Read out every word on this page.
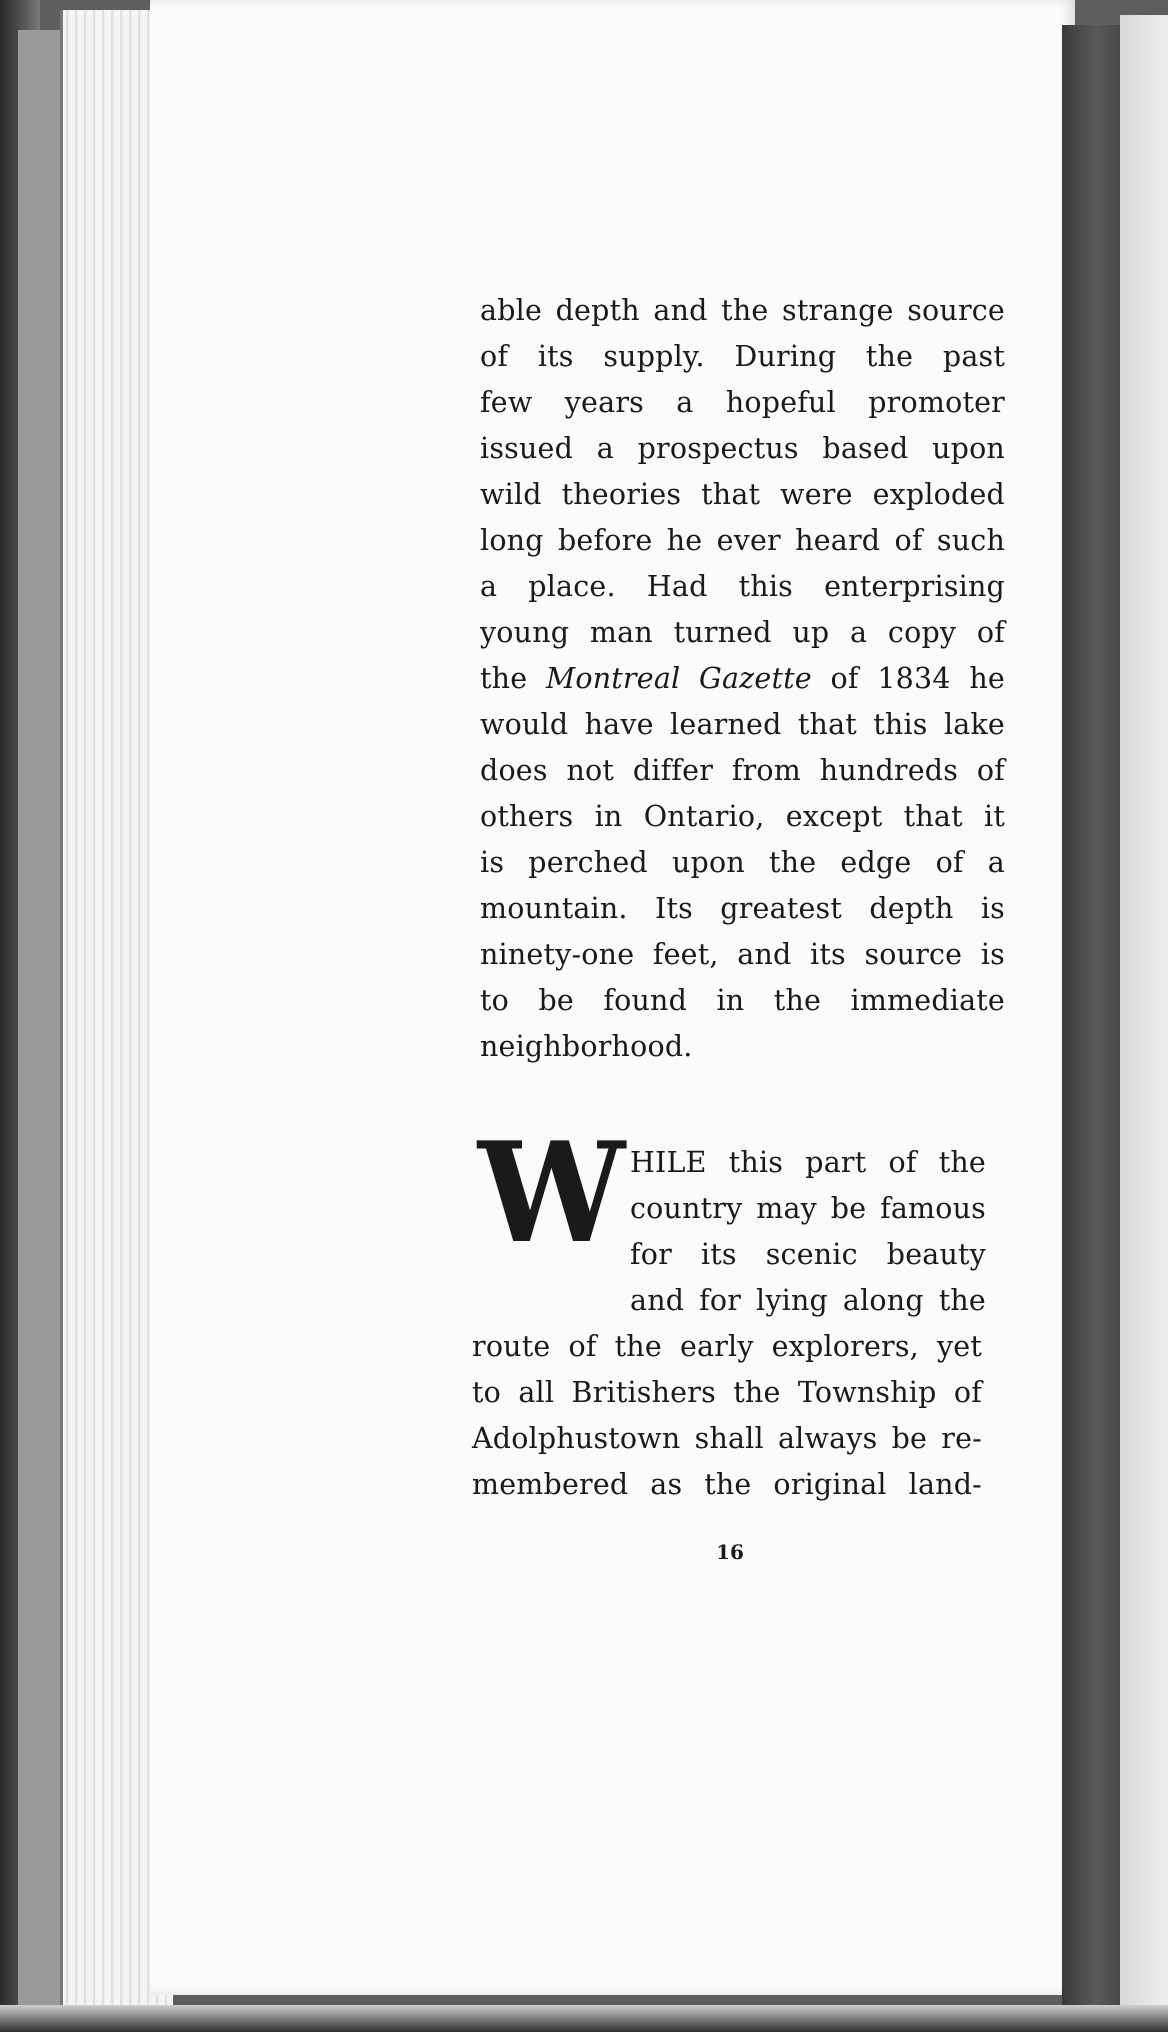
able depth and the strange source
of its supply. During the past
few years a hopeful promoter
issued a prospectus based upon
wild theories that were exploded
long before he ever heard of such
a place. Had this enterprising
young man turned up a copy of
the Montreal Gazette of 1834 he
would have learned that this lake
does not differ from hundreds of
others in Ontario, except that it
is perched upon the edge of a
mountain. Its greatest depth is
ninety-one feet, and its source is
to be found in the immediate
neighborhood.
W HILE this part of the
country may be famous
for its scenic beauty
and for lying along the
route of the early explorers, yet
to all Britishers the Township of
Adolphustown shall always be re-
membered as the original land-
16
